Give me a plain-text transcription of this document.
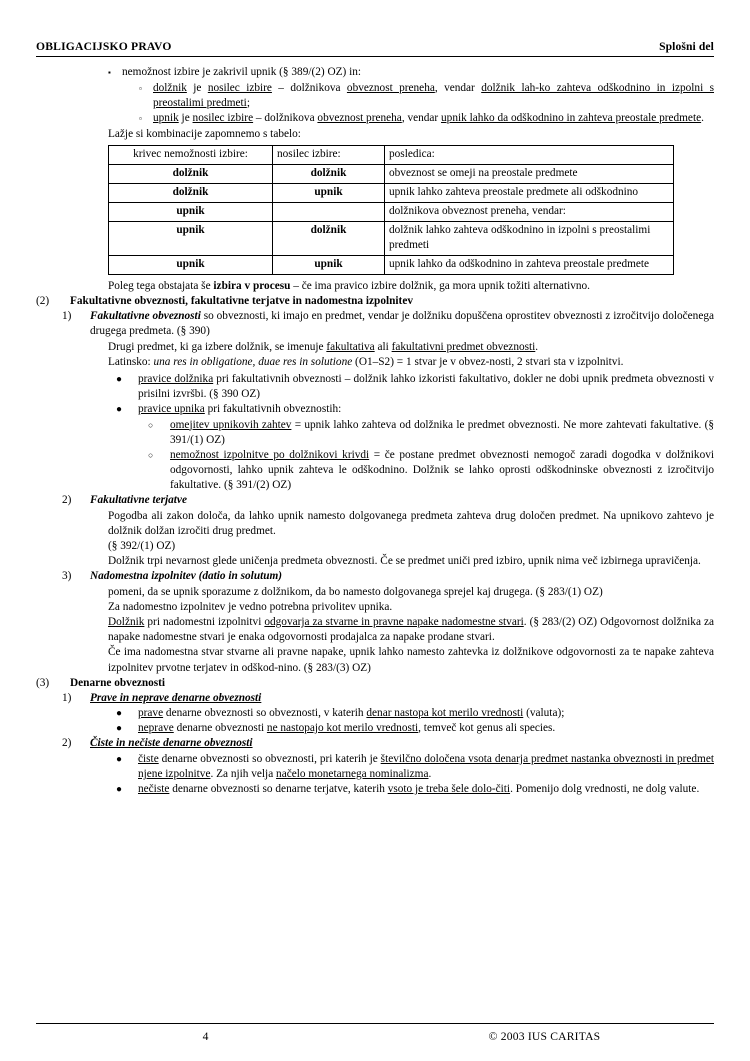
OBLIGACIJSKO PRAVO	Splošni del
▪ nemožnost izbire je zakrivil upnik (§ 389/(2) OZ) in:
▫ dolžnik je nosilec izbire – dolžnikova obveznost preneha, vendar dolžnik lah-ko zahteva odškodnino in izpolni s preostalimi predmeti;
▫ upnik je nosilec izbire – dolžnikova obveznost preneha, vendar upnik lahko da odškodnino in zahteva preostale predmete.
Lažje si kombinacije zapomnemo s tabelo:
krivec nemožnosti izbire:	nosilec izbire:	posledica:
dolžnik	dolžnik	obveznost se omeji na preostale predmete
dolžnik	upnik	upnik lahko zahteva preostale predmete ali odškodnino
upnik		dolžnikova obveznost preneha, vendar:
upnik	dolžnik	dolžnik lahko zahteva odškodnino in izpolni s preostalimi predmeti
upnik	upnik	upnik lahko da odškodnino in zahteva preostale predmete
Poleg tega obstajata še izbira v procesu – če ima pravico izbire dolžnik, ga mora upnik tožiti alternativno.
(2)	Fakultativne obveznosti, fakultativne terjatve in nadomestna izpolnitev
1)	Fakultativne obveznosti so obveznosti, ki imajo en predmet, vendar je dolžniku dopuščena oprostitev obveznosti z izročitvijo določenega drugega predmeta. (§ 390)
Drugi predmet, ki ga izbere dolžnik, se imenuje fakultativa ali fakultativni predmet obveznosti.
Latinsko: una res in obligatione, duae res in solutione (O1–S2) = 1 stvar je v obvez-nosti, 2 stvari sta v izpolnitvi.
●	pravice dolžnika pri fakultativnih obveznosti – dolžnik lahko izkoristi fakultativo, dokler ne dobi upnik predmeta obveznosti v prisilni izvršbi. (§ 390 OZ)
●	pravice upnika pri fakultativnih obveznostih:
○	omejitev upnikovih zahtev = upnik lahko zahteva od dolžnika le predmet obveznosti. Ne more zahtevati fakultative. (§ 391/(1) OZ)
○	nemožnost izpolnitve po dolžnikovi krivdi = če postane predmet obveznosti nemogoč zaradi dogodka v dolžnikovi odgovornosti, lahko upnik zahteva le odškodnino. Dolžnik se lahko oprosti odškodninske obveznosti z izročitvijo fakultative. (§ 391/(2) OZ)
2)	Fakultativne terjatve
Pogodba ali zakon določa, da lahko upnik namesto dolgovanega predmeta zahteva drug določen predmet. Na upnikovo zahtevo je dolžnik dolžan izročiti drug predmet.
(§ 392/(1) OZ)
Dolžnik trpi nevarnost glede uničenja predmeta obveznosti. Če se predmet uniči pred izbiro, upnik nima več izbirnega upravičenja.
3)	Nadomestna izpolnitev (datio in solutum)
pomeni, da se upnik sporazume z dolžnikom, da bo namesto dolgovanega sprejel kaj drugega. (§ 283/(1) OZ)
Za nadomestno izpolnitev je vedno potrebna privolitev upnika.
Dolžnik pri nadomestni izpolnitvi odgovarja za stvarne in pravne napake nadomestne stvari. (§ 283/(2) OZ) Odgovornost dolžnika za napake nadomestne stvari je enaka odgovornosti prodajalca za napake prodane stvari.
Če ima nadomestna stvar stvarne ali pravne napake, upnik lahko namesto zahtevka iz dolžnikove odgovornosti za te napake zahteva izpolnitev prvotne terjatev in odškod-nino. (§ 283/(3) OZ)
(3)	Denarne obveznosti
1)	Prave in neprave denarne obveznosti
●	prave denarne obveznosti so obveznosti, v katerih denar nastopa kot merilo vrednosti (valuta);
●	neprave denarne obveznosti ne nastopajo kot merilo vrednosti, temveč kot genus ali species.
2)	Čiste in nečiste denarne obveznosti
●	čiste denarne obveznosti so obveznosti, pri katerih je številčno določena vsota denarja predmet nastanka obveznosti in predmet njene izpolnitve. Za njih velja načelo monetarnega nominalizma.
●	nečiste denarne obveznosti so denarne terjatve, katerih vsoto je treba šele dolo-čiti. Pomenijo dolg vrednosti, ne dolg valute.
4	© 2003 IUS CARITAS
